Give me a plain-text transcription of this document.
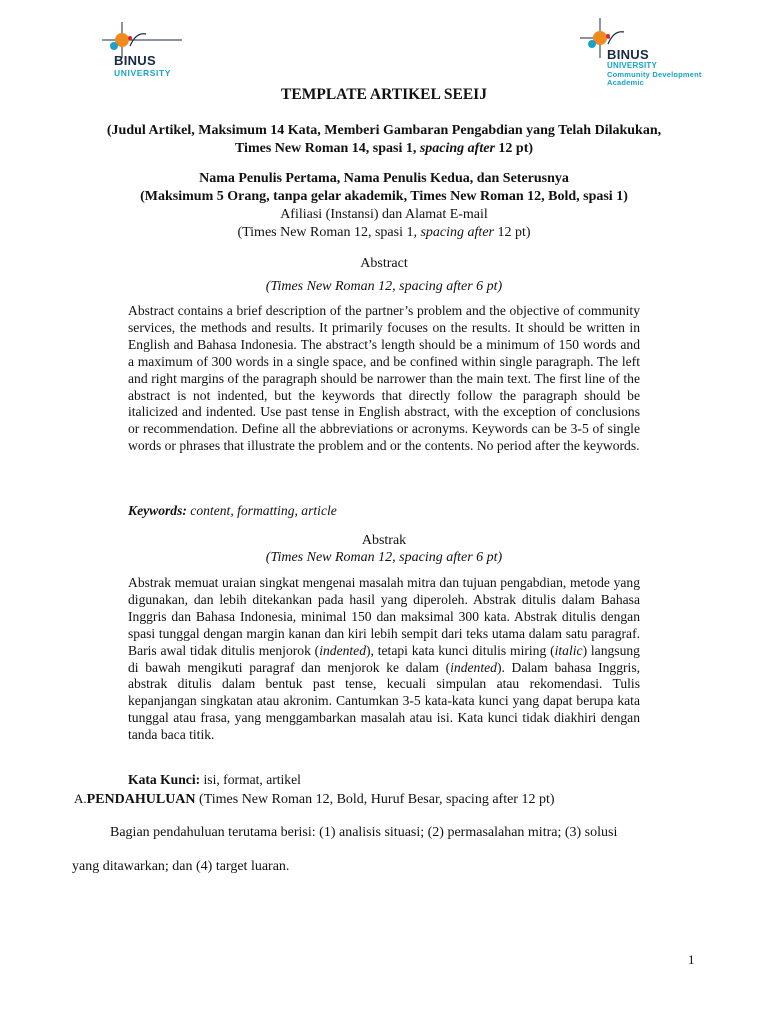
BINUS
UNIVERSITY
BINUS
UNIVERSITY
Community Development
Academic
TEMPLATE ARTIKEL SEEIJ
(Judul Artikel, Maksimum 14 Kata, Memberi Gambaran Pengabdian yang Telah Dilakukan,
Times New Roman 14, spasi 1, spacing after 12 pt)
Nama Penulis Pertama, Nama Penulis Kedua, dan Seterusnya
(Maksimum 5 Orang, tanpa gelar akademik, Times New Roman 12, Bold, spasi 1)
Afiliasi (Instansi) dan Alamat E-mail
(Times New Roman 12, spasi 1, spacing after 12 pt)
Abstract
(Times New Roman 12, spacing after 6 pt)
Abstract contains a brief description of the partner’s problem and the objective of community services, the methods and results. It primarily focuses on the results. It should be written in English and Bahasa Indonesia. The abstract’s length should be a minimum of 150 words and a maximum of 300 words in a single space, and be confined within single paragraph. The left and right margins of the paragraph should be narrower than the main text. The first line of the abstract is not indented, but the keywords that directly follow the paragraph should be italicized and indented. Use past tense in English abstract, with the exception of conclusions or recommendation. Define all the abbreviations or acronyms. Keywords can be 3-5 of single words or phrases that illustrate the problem and or the contents. No period after the keywords.
Keywords: content, formatting, article
Abstrak
(Times New Roman 12, spacing after 6 pt)
Abstrak memuat uraian singkat mengenai masalah mitra dan tujuan pengabdian, metode yang digunakan, dan lebih ditekankan pada hasil yang diperoleh. Abstrak ditulis dalam Bahasa Inggris dan Bahasa Indonesia, minimal 150 dan maksimal 300 kata. Abstrak ditulis dengan spasi tunggal dengan margin kanan dan kiri lebih sempit dari teks utama dalam satu paragraf. Baris awal tidak ditulis menjorok (indented), tetapi kata kunci ditulis miring (italic) langsung di bawah mengikuti paragraf dan menjorok ke dalam (indented). Dalam bahasa Inggris, abstrak ditulis dalam bentuk past tense, kecuali simpulan atau rekomendasi. Tulis kepanjangan singkatan atau akronim. Cantumkan 3-5 kata-kata kunci yang dapat berupa kata tunggal atau frasa, yang menggambarkan masalah atau isi. Kata kunci tidak diakhiri dengan tanda baca titik.
Kata Kunci: isi, format, artikel
A.PENDAHULUAN (Times New Roman 12, Bold, Huruf Besar, spacing after 12 pt)
Bagian pendahuluan terutama berisi: (1) analisis situasi; (2) permasalahan mitra; (3) solusi
yang ditawarkan; dan (4) target luaran.
1
